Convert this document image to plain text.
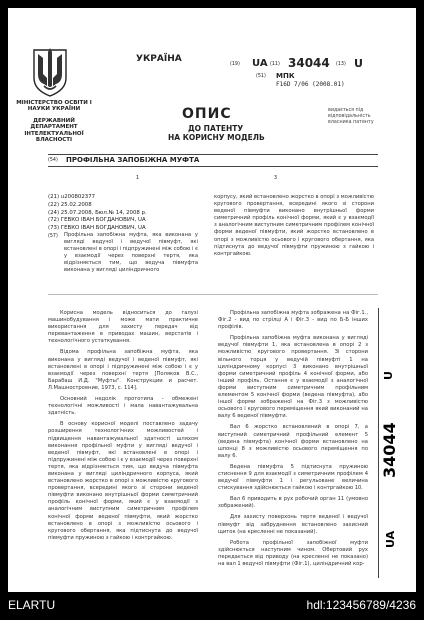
УКРАЇНА
МІНІСТЕРСТВО ОСВІТИ І НАУКИ УКРАЇНИ
ДЕРЖАВНИЙ ДЕПАРТАМЕНТ ІНТЕЛЕКТУАЛЬНОЇ ВЛАСНОСТІ
(19) UA (11) 34044 (13) U
(51) МПК
F16D 7/06 (2008.01)
ОПИС
ДО ПАТЕНТУ
НА КОРИСНУ МОДЕЛЬ
видається під відповідальність власника патенту
(54) ПРОФІЛЬНА ЗАПОБІЖНА МУФТА
1	3
(21) u200802377
(22) 25.02.2008
(24) 25.07.2008, Бюл.№ 14, 2008 р.
(72) ГЕВКО ІВАН БОГДАНОВИЧ, UA
(73) ГЕВКО ІВАН БОГДАНОВИЧ, UA
(57) Профільна запобіжна муфта, яка виконана у вигляді ведучої і ведучої півмуфт, які встановлені в опорі і підпружинені між собою і є у взаємодії через поверхні тертя, яка відрізняється тим, що ведуча півмуфта виконана у вигляді циліндричного

корпусу, який встановлено жорстко в опорі з можливістю кругового провертання, всередині якого зі сторони веденої півмуфти виконано внутрішньої форми симетричний профіль конічної форми, який є у взаємодії з аналогічним виступним симетричним профілем конічної форми веденої півмуфти, який жорстко встановлено в опорі з можливістю осьового і кругового обертання, яка підтиснута до ведучої півмуфти пружиною з гайкою і контргайкою.

Корисна модель відноситься до галузі машинобудування і може мати практичне використання для захисту передач від перевантаження в приводах машин, верстатів і технологічного устаткування.

Відома профільна запобіжна муфта, яка виконана у вигляді ведучої і веденої півмуфт, які встановлені в опорі і підпружинені між собою і є у взаємодії через поверхні тертя [Поляков В.С., Барабаш И.Д. "Муфты". Конструкции и расчет. Л.Машностроение, 1973, с. 114].

Основний недолік прототипа - обмежені технологічні можливості і мала навантажувальна здатність.

В основу корисної моделі поставлено задачу розширення технологічних можливостей і підвищення навантажувальної здатності шляхом виконання профільної муфти у вигляді ведучої і веденої півмуфт, які встановлені в опорі і підпружинені між собою і є у взаємодії через поверхні тертя, яка відрізняється тим, що ведуча півмуфта виконана у вигляді циліндричного корпуса, який встановлено жорстко в опорі з можливістю кругового провертання, всередині якого зі сторони веденої півмуфти виконано внутрішньої форми симетричний профіль конічної форми, який є у взаємодії з аналогічним виступним симетричним профілем конічної форми веденої півмуфти, який жорстко встановлено в опорі з можливістю осьового і кругового обертання, яка підтиснута до ведучої півмуфти пружиною з гайкою і контргайкою.

Профільна запобіжна муфта зображена на Фіг.1., Фіг.2 - вид по стрілці А і Фіг.3 - вид по Б-Б інших профілів.

Профільна запобіжна муфта виконана у вигляді ведучої півмуфти 1, яка встановлена в опорі 2 з можливістю кругового провертання. Зі сторони вільного торця у ведучій півмуфті 1 на циліндричному корпусі 3 виконано внутрішньої форми симетричний профіль 4 конічної форми, або інший профіль. Остання є у взаємодії з аналогічної форми виступним симетричним профільним елементом 5 конічної форми (ведена півмуфта), або іншої форми зображеної на Фіг.3 з можливістю осьового і кругового переміщення який виконаний на валу 6 веденої півмуфти.

Вал 6 жорстко встановлений в опорі 7, а виступний симетричний профільний елемент 5 (ведена півмуфта) конічної форми встановлено на шпонці 8 з можливістю осьового переміщення по валу 6.

Ведена півмуфта 5 підтиснута пружиною стиснення 9 для взаємодії з симетричним профілем 4 ведучої півмуфти 1 і регульоване величина стискування здійснюється гайкою і контргайкою 10.

Вал 6 приводить в рух робочий орган 11 (умовно зображений).

Для захисту поверхонь тертя веденої і ведучої півмуфт від забруднення встановлено захисний щиток (на кресленні не показаний).

Робота профільної запобіжної муфти здійснюється наступним чином. Обертовий рух передається від приводу (на кресленні не показано) на вал 1 ведучої півмуфти (Фіг.1), циліндричний кор-

U
34044
UA
ELARTU	hdl:123456789/4236
